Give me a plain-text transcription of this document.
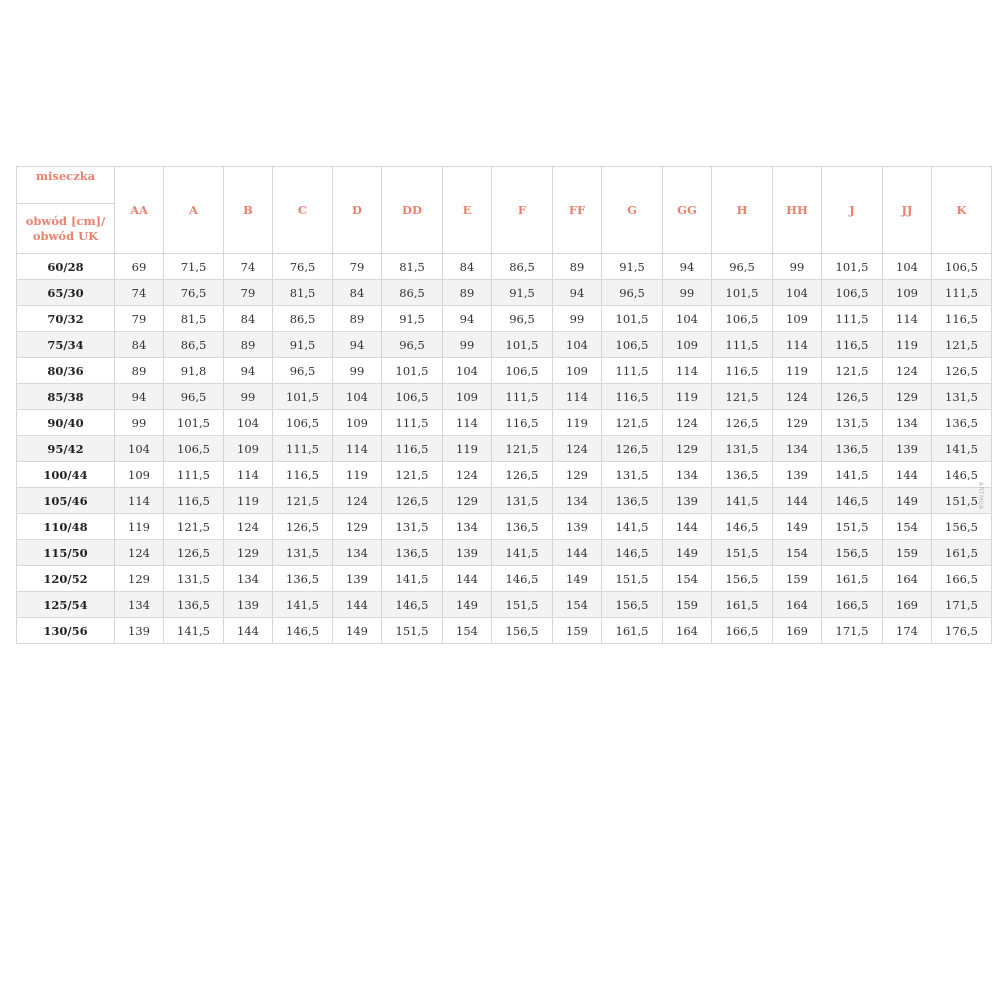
miseczka
obwód [cm]/ obwód UK	AA	A	B	C	D	DD	E	F	FF	G	GG	H	HH	J	JJ	K
60/28	69	71,5	74	76,5	79	81,5	84	86,5	89	91,5	94	96,5	99	101,5	104	106,5
65/30	74	76,5	79	81,5	84	86,5	89	91,5	94	96,5	99	101,5	104	106,5	109	111,5
70/32	79	81,5	84	86,5	89	91,5	94	96,5	99	101,5	104	106,5	109	111,5	114	116,5
75/34	84	86,5	89	91,5	94	96,5	99	101,5	104	106,5	109	111,5	114	116,5	119	121,5
80/36	89	91,8	94	96,5	99	101,5	104	106,5	109	111,5	114	116,5	119	121,5	124	126,5
85/38	94	96,5	99	101,5	104	106,5	109	111,5	114	116,5	119	121,5	124	126,5	129	131,5
90/40	99	101,5	104	106,5	109	111,5	114	116,5	119	121,5	124	126,5	129	131,5	134	136,5
95/42	104	106,5	109	111,5	114	116,5	119	121,5	124	126,5	129	131,5	134	136,5	139	141,5
100/44	109	111,5	114	116,5	119	121,5	124	126,5	129	131,5	134	136,5	139	141,5	144	146,5
105/46	114	116,5	119	121,5	124	126,5	129	131,5	134	136,5	139	141,5	144	146,5	149	151,5
110/48	119	121,5	124	126,5	129	131,5	134	136,5	139	141,5	144	146,5	149	151,5	154	156,5
115/50	124	126,5	129	131,5	134	136,5	139	141,5	144	146,5	149	151,5	154	156,5	159	161,5
120/52	129	131,5	134	136,5	139	141,5	144	146,5	149	151,5	154	156,5	159	161,5	164	166,5
125/54	134	136,5	139	141,5	144	146,5	149	151,5	154	156,5	159	161,5	164	166,5	169	171,5
130/56	139	141,5	144	146,5	149	151,5	154	156,5	159	161,5	164	166,5	169	171,5	174	176,5
ARTMIJA
